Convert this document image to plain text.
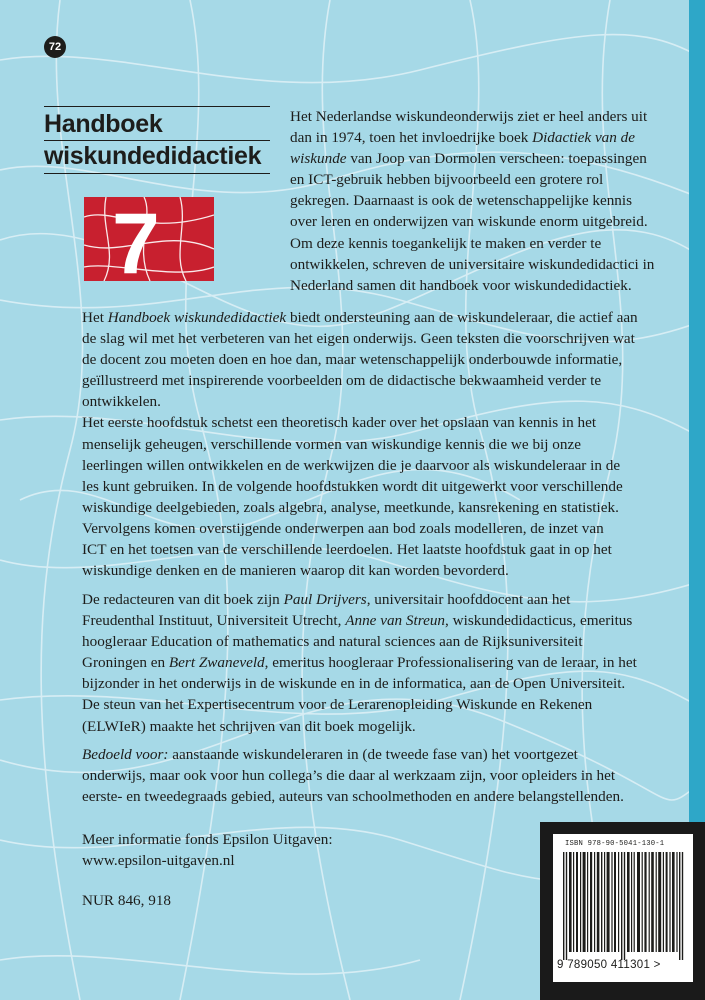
72
Handboek
wiskundedidactiek
7
Het Nederlandse wiskundeonderwijs ziet er heel anders uit
dan in 1974, toen het invloedrijke boek Didactiek van de
wiskunde van Joop van Dormolen verscheen: toepassingen
en ICT-gebruik hebben bijvoorbeeld een grotere rol
gekregen. Daarnaast is ook de wetenschappelijke kennis
over leren en onderwijzen van wiskunde enorm uitgebreid.
Om deze kennis toegankelijk te maken en verder te
ontwikkelen, schreven de universitaire wiskundedidactici in
Nederland samen dit handboek voor wiskundedidactiek.
Het Handboek wiskundedidactiek biedt ondersteuning aan de wiskundeleraar, die actief aan
de slag wil met het verbeteren van het eigen onderwijs. Geen teksten die voorschrijven wat
de docent zou moeten doen en hoe dan, maar wetenschappelijk onderbouwde informatie,
geïllustreerd met inspirerende voorbeelden om de didactische bekwaamheid verder te
ontwikkelen.
Het eerste hoofdstuk schetst een theoretisch kader over het opslaan van kennis in het
menselijk geheugen, verschillende vormen van wiskundige kennis die we bij onze
leerlingen willen ontwikkelen en de werkwijzen die je daarvoor als wiskundeleraar in de
les kunt gebruiken. In de volgende hoofdstukken wordt dit uitgewerkt voor verschillende
wiskundige deelgebieden, zoals algebra, analyse, meetkunde, kansrekening en statistiek.
Vervolgens komen overstijgende onderwerpen aan bod zoals modelleren, de inzet van
ICT en het toetsen van de verschillende leerdoelen. Het laatste hoofdstuk gaat in op het
wiskundige denken en de manieren waarop dit kan worden bevorderd.
De redacteuren van dit boek zijn Paul Drijvers, universitair hoofddocent aan het
Freudenthal Instituut, Universiteit Utrecht, Anne van Streun, wiskundedidacticus, emeritus
hoogleraar Education of mathematics and natural sciences aan de Rijksuniversiteit
Groningen en Bert Zwaneveld, emeritus hoogleraar Professionalisering van de leraar, in het
bijzonder in het onderwijs in de wiskunde en in de informatica, aan de Open Universiteit.
De steun van het Expertisecentrum voor de Lerarenopleiding Wiskunde en Rekenen
(ELWIeR) maakte het schrijven van dit boek mogelijk.
Bedoeld voor: aanstaande wiskundeleraren in (de tweede fase van) het voortgezet
onderwijs, maar ook voor hun collega’s die daar al werkzaam zijn, voor opleiders in het
eerste- en tweedegraads gebied, auteurs van schoolmethoden en andere belangstellenden.
Meer informatie fonds Epsilon Uitgaven:
www.epsilon-uitgaven.nl
NUR 846, 918
ISBN 978-90-5041-130-1
9 789050 411301 >
